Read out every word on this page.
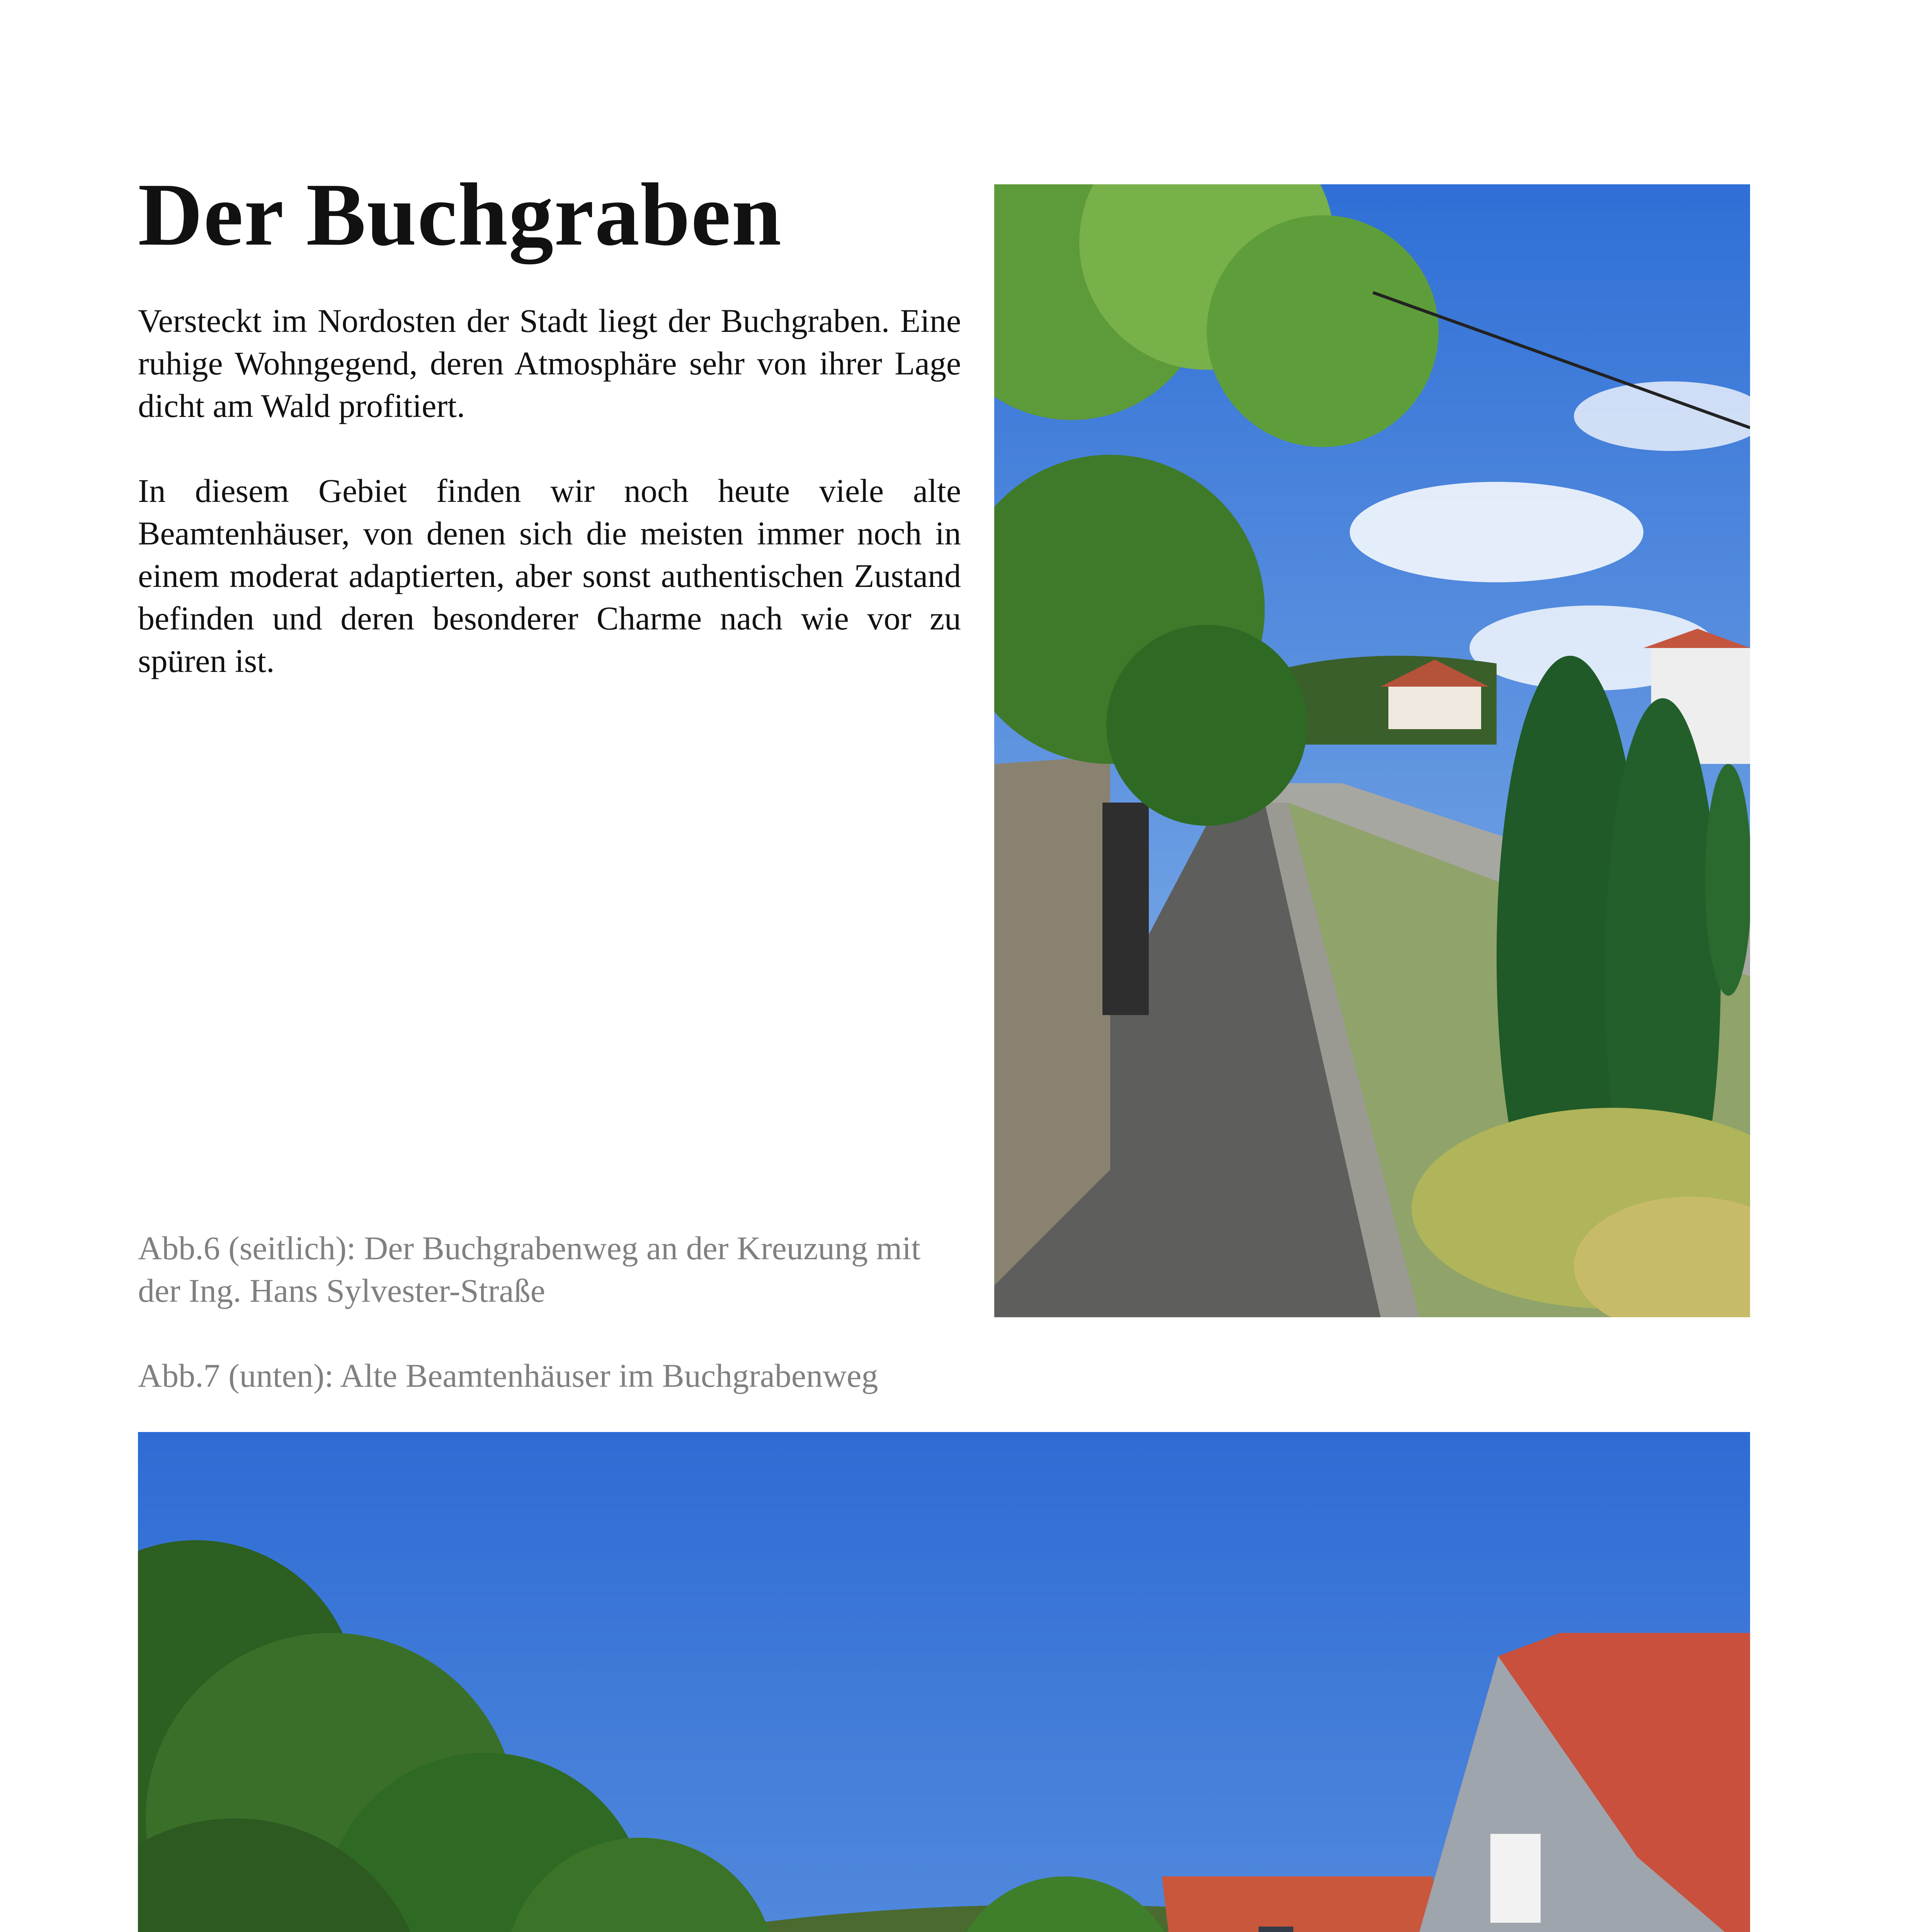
Der Buchgraben

Versteckt im Nordosten der Stadt liegt der Buchgraben. Eine ruhige Wohngegend, deren Atmosphäre sehr von ihrer Lage dicht am Wald profitiert.

In diesem Gebiet finden wir noch heute viele alte Beamtenhäuser, von denen sich die meisten immer noch in einem moderat adaptierten, aber sonst authentischen Zustand befinden und deren besonderer Charme nach wie vor zu spüren ist.

Abb.6 (seitlich): Der Buchgrabenweg an der Kreuzung mit der Ing. Hans Sylvester-Straße
Abb.7 (unten): Alte Beamtenhäuser im Buchgrabenweg
